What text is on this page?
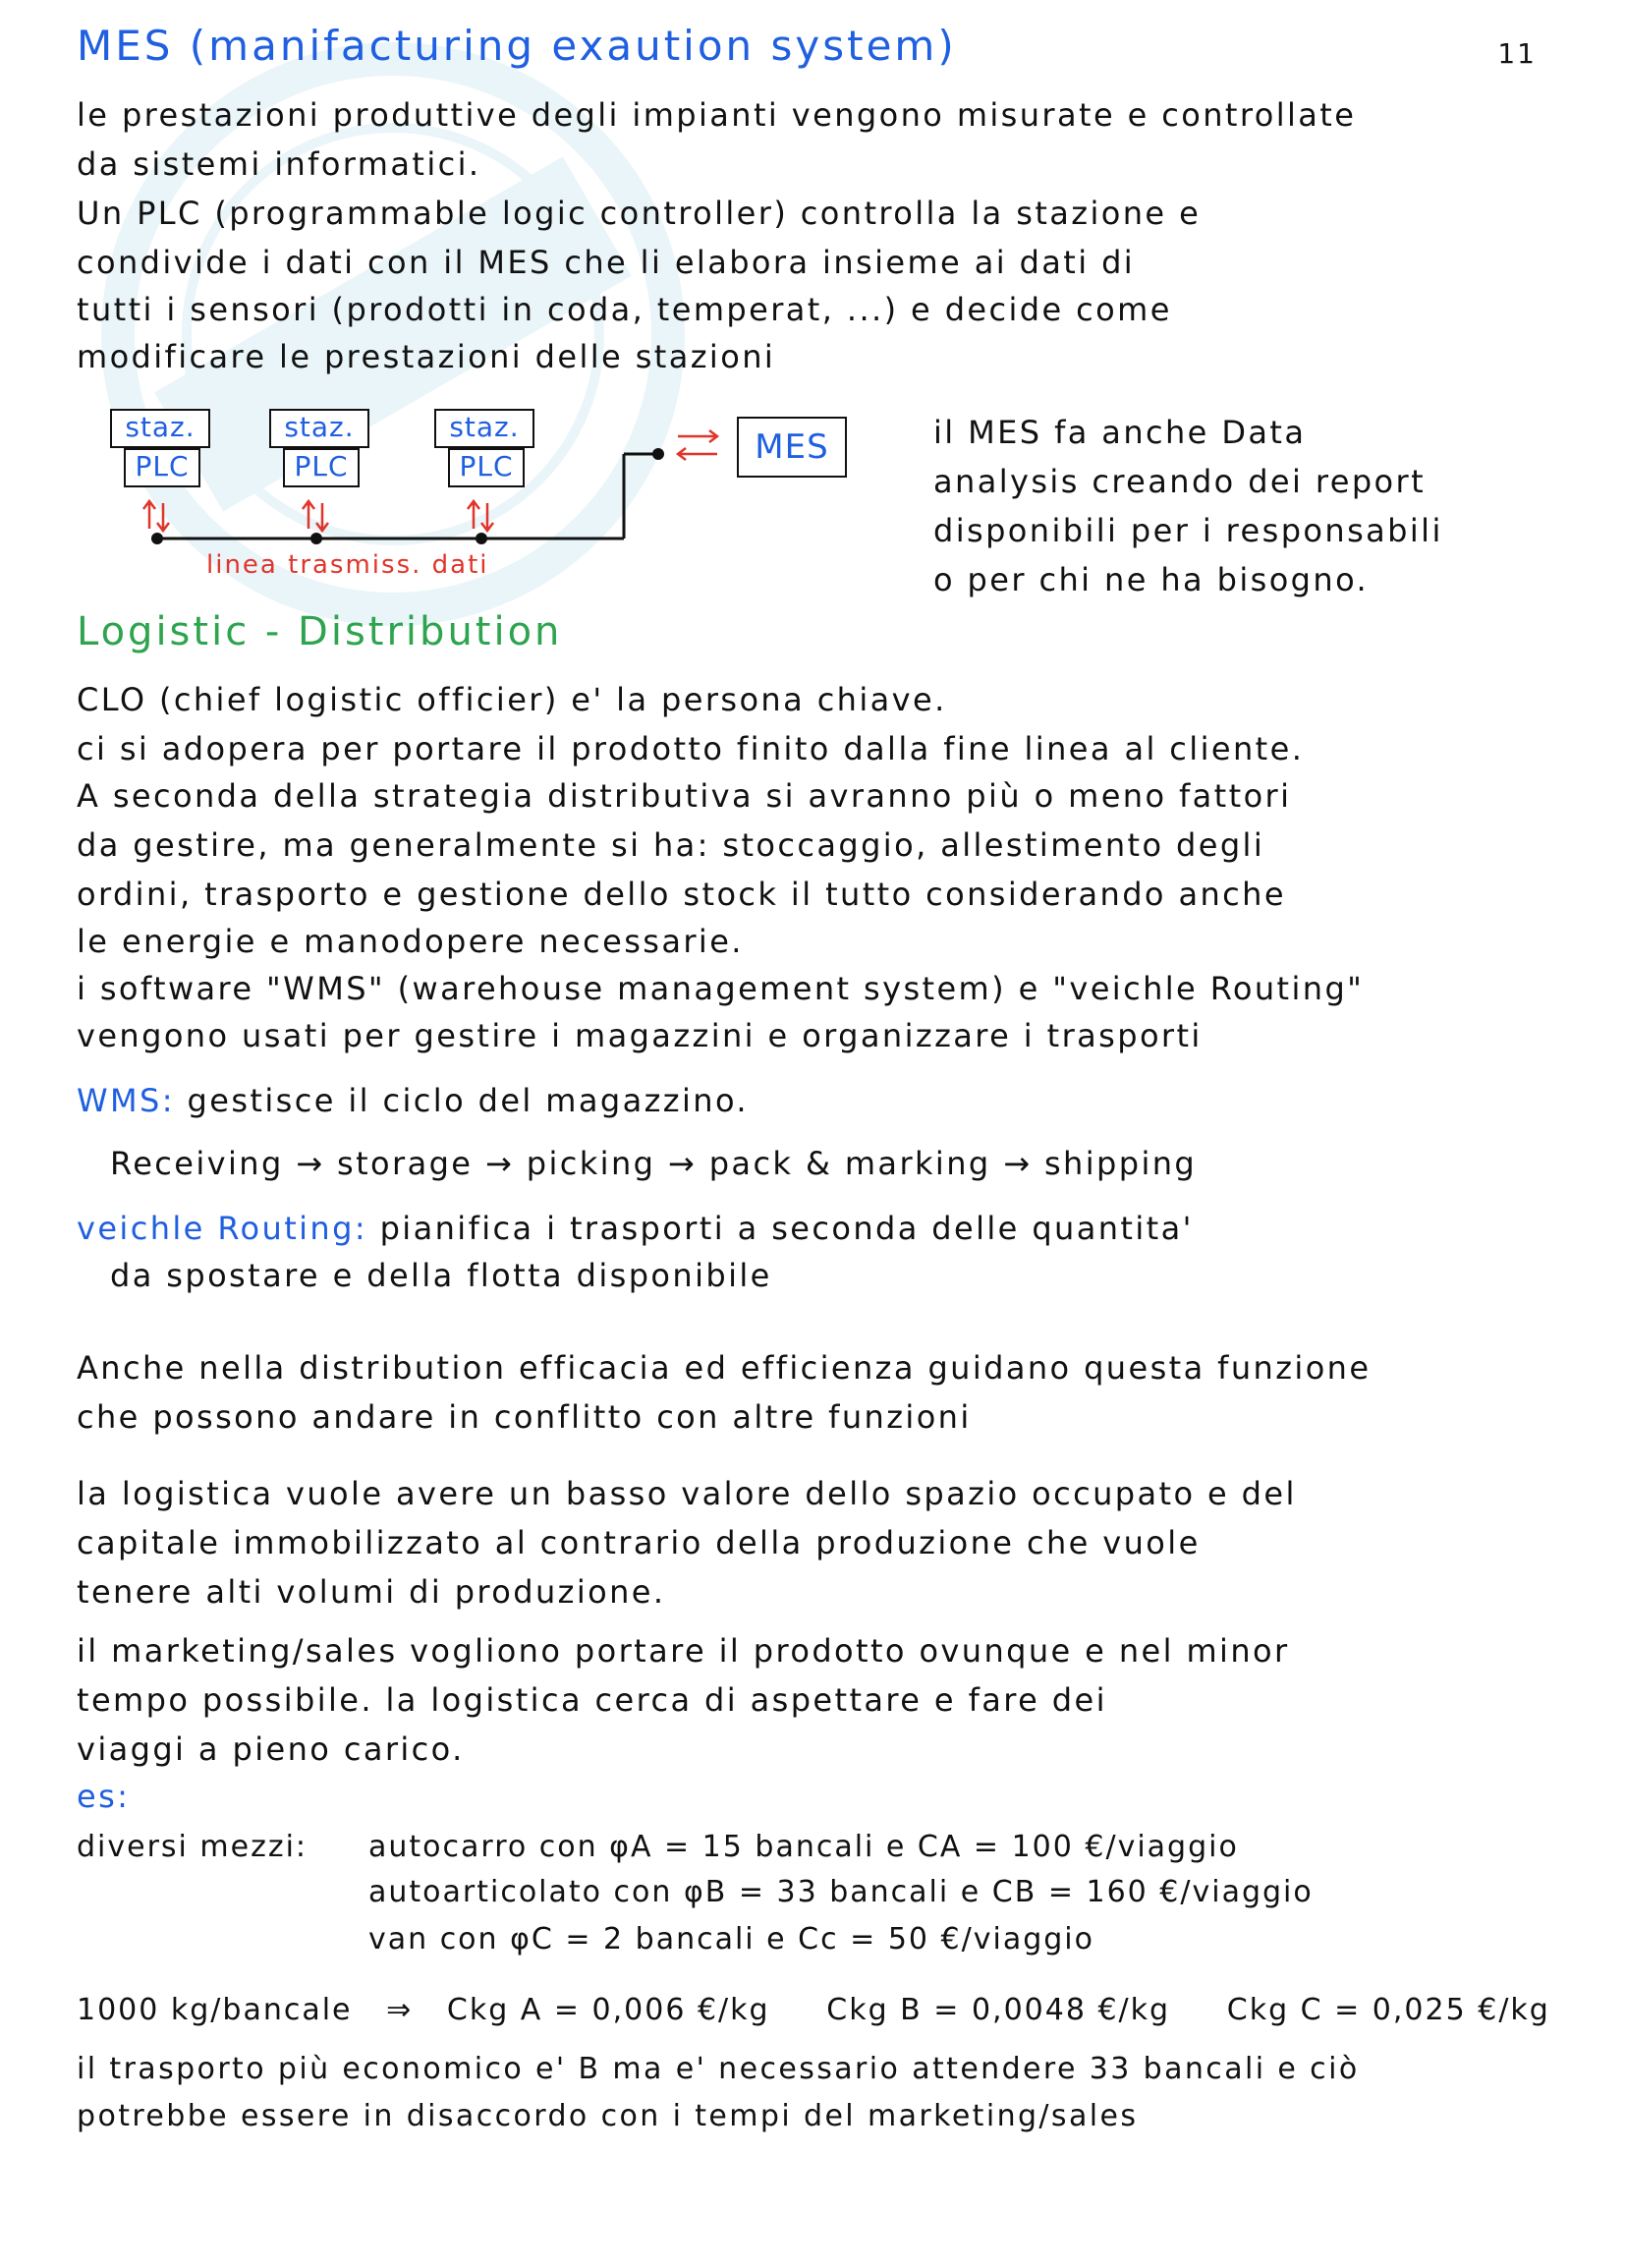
11
MES (manifacturing exaution system)
le prestazioni produttive degli impianti vengono misurate e controllate
da sistemi informatici.
Un PLC (programmable logic controller) controlla la stazione e
condivide i dati con il MES che li elabora insieme ai dati di
tutti i sensori (prodotti in coda, temperat, ...) e decide come
modificare le prestazioni delle stazioni
staz.
PLC
staz.
PLC
staz.
PLC	MES
linea trasmiss. dati
il MES fa anche Data
analysis creando dei report
disponibili per i responsabili
o per chi ne ha bisogno.
Logistic - Distribution
CLO (chief logistic officier) e' la persona chiave.
ci si adopera per portare il prodotto finito dalla fine linea al cliente.
A seconda della strategia distributiva si avranno più o meno fattori
da gestire, ma generalmente si ha: stoccaggio, allestimento degli
ordini, trasporto e gestione dello stock il tutto considerando anche
le energie e manodopere necessarie.
i software "WMS" (warehouse management system) e "veichle Routing"
vengono usati per gestire i magazzini e organizzare i trasporti
WMS: gestisce il ciclo del magazzino.
Receiving → storage → picking → pack & marking → shipping
veichle Routing: pianifica i trasporti a seconda delle quantita'
da spostare e della flotta disponibile
Anche nella distribution efficacia ed efficienza guidano questa funzione
che possono andare in conflitto con altre funzioni
la logistica vuole avere un basso valore dello spazio occupato e del
capitale immobilizzato al contrario della produzione che vuole
tenere alti volumi di produzione.
il marketing/sales vogliono portare il prodotto ovunque e nel minor
tempo possibile. la logistica cerca di aspettare e fare dei
viaggi a pieno carico.
es:
diversi mezzi:	autocarro con φA = 15 bancali e CA = 100 €/viaggio
autoarticolato con φB = 33 bancali e CB = 160 €/viaggio
van con φC = 2 bancali e Cc = 50 €/viaggio
1000 kg/bancale ⇒ Ckg A = 0,006 €/kg Ckg B = 0,0048 €/kg Ckg C = 0,025 €/kg
il trasporto più economico e' B ma e' necessario attendere 33 bancali e ciò
potrebbe essere in disaccordo con i tempi del marketing/sales
